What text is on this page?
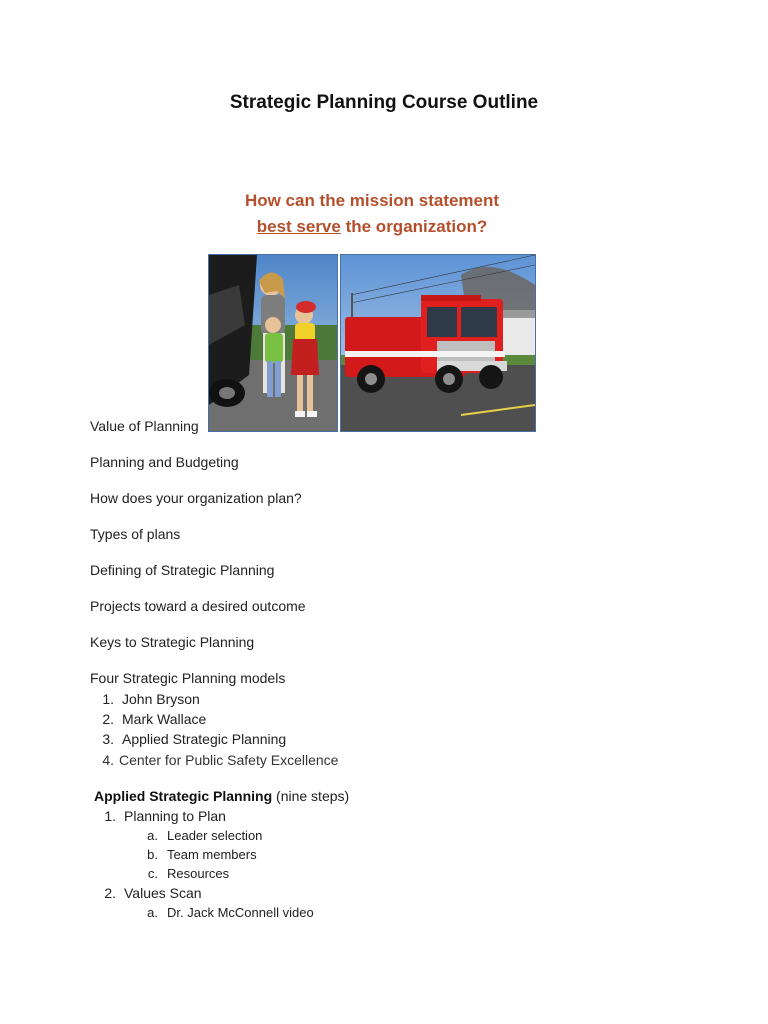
Strategic Planning Course Outline
How can the mission statement
best serve the organization?

Value of Planning

Planning and Budgeting

How does your organization plan?

Types of plans

Defining of Strategic Planning

Projects toward a desired outcome

Keys to Strategic Planning

Four Strategic Planning models

1. John Bryson
2. Mark Wallace
3. Applied Strategic Planning
4. Center for Public Safety Excellence
Applied Strategic Planning (nine steps)
1. Planning to Plan
a. Leader selection
b. Team members
c. Resources
2. Values Scan
a. Dr. Jack McConnell video
